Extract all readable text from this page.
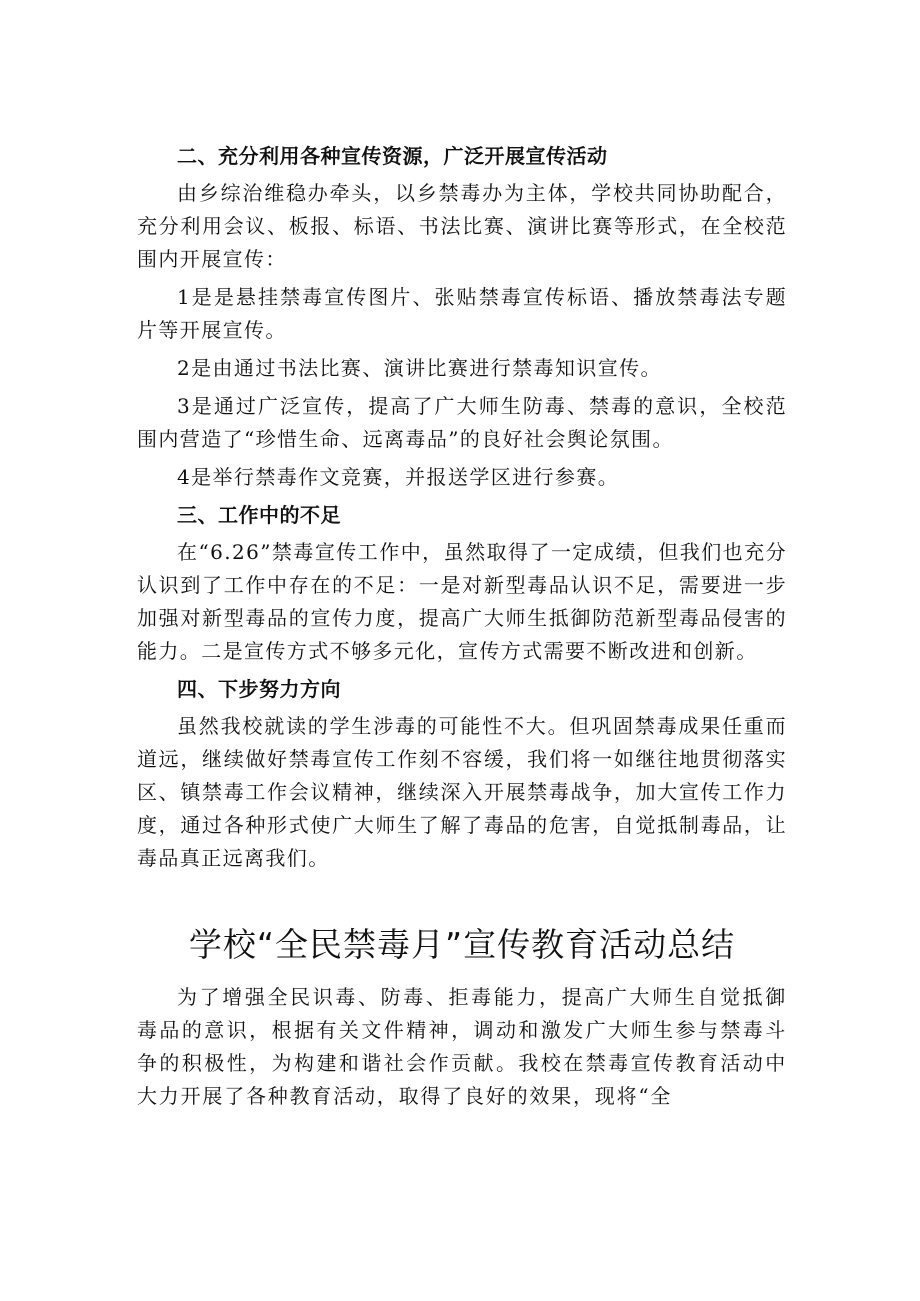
二、充分利用各种宣传资源，广泛开展宣传活动

由乡综治维稳办牵头，以乡禁毒办为主体，学校共同协助配合，充分利用会议、板报、标语、书法比赛、演讲比赛等形式，在全校范围内开展宣传：

1是是悬挂禁毒宣传图片、张贴禁毒宣传标语、播放禁毒法专题片等开展宣传。

2是由通过书法比赛、演讲比赛进行禁毒知识宣传。

3是通过广泛宣传，提高了广大师生防毒、禁毒的意识，全校范围内营造了“珍惜生命、远离毒品”的良好社会舆论氛围。

4是举行禁毒作文竞赛，并报送学区进行参赛。

三、工作中的不足

在“6.26”禁毒宣传工作中，虽然取得了一定成绩，但我们也充分认识到了工作中存在的不足：一是对新型毒品认识不足，需要进一步加强对新型毒品的宣传力度，提高广大师生抵御防范新型毒品侵害的能力。二是宣传方式不够多元化，宣传方式需要不断改进和创新。

四、下步努力方向

虽然我校就读的学生涉毒的可能性不大。但巩固禁毒成果任重而道远，继续做好禁毒宣传工作刻不容缓，我们将一如继往地贯彻落实区、镇禁毒工作会议精神，继续深入开展禁毒战争，加大宣传工作力度，通过各种形式使广大师生了解了毒品的危害，自觉抵制毒品，让毒品真正远离我们。

学校“全民禁毒月”宣传教育活动总结

为了增强全民识毒、防毒、拒毒能力，提高广大师生自觉抵御毒品的意识，根据有关文件精神，调动和激发广大师生参与禁毒斗争的积极性，为构建和谐社会作贡献。我校在禁毒宣传教育活动中大力开展了各种教育活动，取得了良好的效果，现将“全
